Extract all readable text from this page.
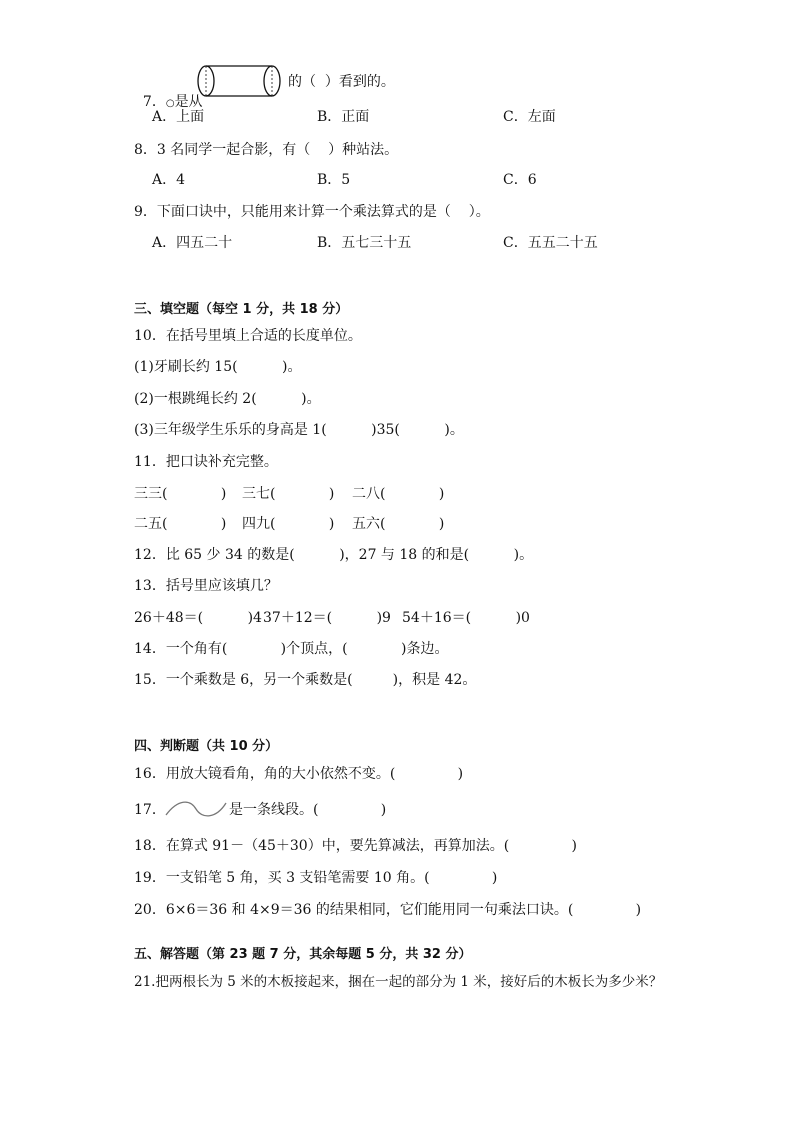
7．○是从

的（  ）看到的。
A．上面	B．正面	C．左面
8．3 名同学一起合影，有（    ）种站法。
A．4	B．5	C．6
9．下面口诀中，只能用来计算一个乘法算式的是（    ）。
A．四五二十	B．五七三十五	C．五五二十五
三、填空题（每空 1 分，共 18 分）
10．在括号里填上合适的长度单位。
(1)牙刷长约 15(          )。
(2)一根跳绳长约 2(          )。
(3)三年级学生乐乐的身高是 1(          )35(          )。
11．把口诀补充完整。
三三(            ) 三七(            ) 二八(            )
二五(            ) 四九(            ) 五六(            )
12．比 65 少 34 的数是(          )，27 与 18 的和是(          )。
13．括号里应该填几？
26＋48＝(          )4 37＋12＝(          )9 54＋16＝(          )0
14．一个角有(            )个顶点，(            )条边。
15．一个乘数是 6，另一个乘数是(         )，积是 42。
四、判断题（共 10 分）
16．用放大镜看角，角的大小依然不变。(              )
17．	是一条线段。(              )
18．在算式 91－（45＋30）中，要先算减法，再算加法。(              )
19．一支铅笔 5 角，买 3 支铅笔需要 10 角。(              )
20．6×6＝36 和 4×9＝36 的结果相同，它们能用同一句乘法口诀。(              )
五、解答题（第 23 题 7 分，其余每题 5 分，共 32 分）
21.把两根长为 5 米的木板接起来，捆在一起的部分为 1 米，接好后的木板长为多少米？
